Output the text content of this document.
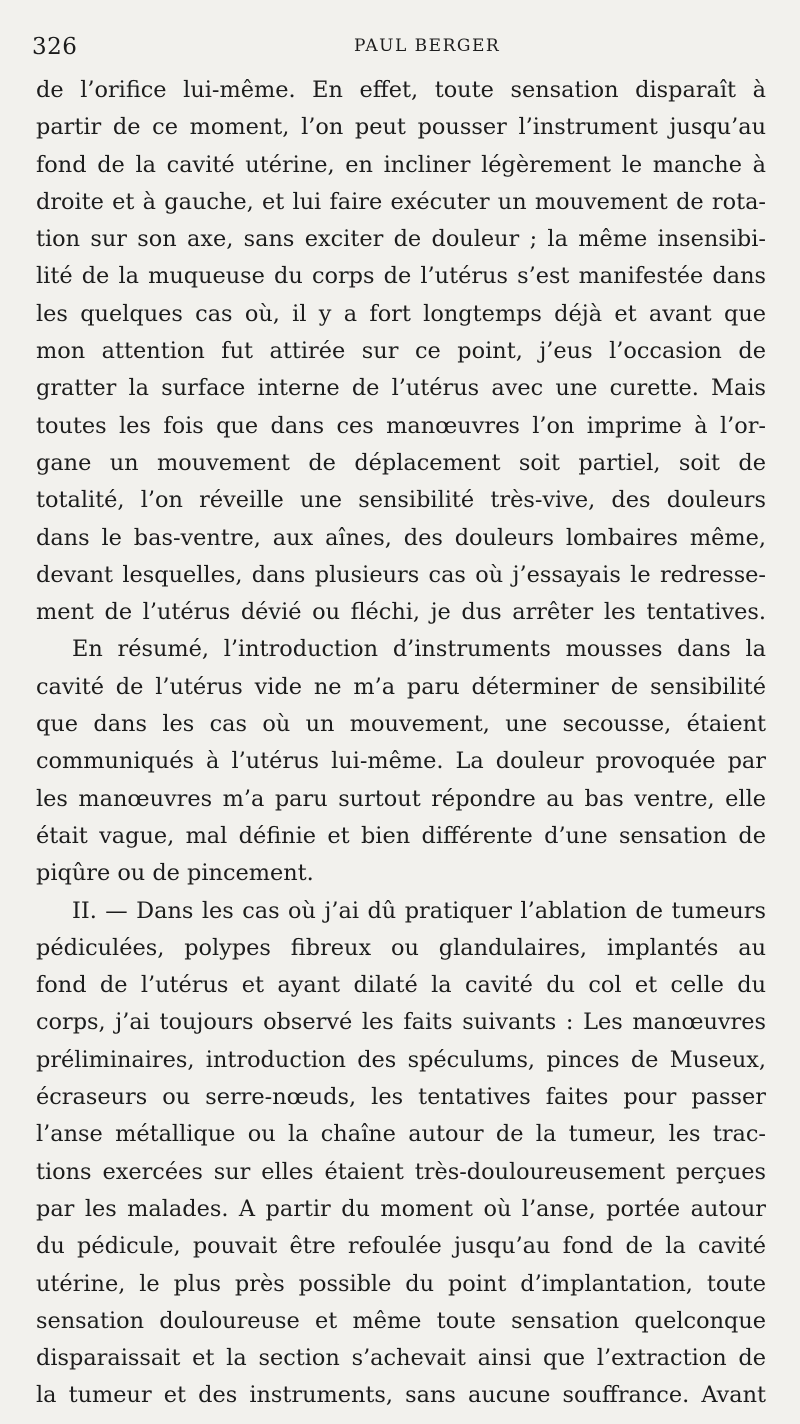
326	PAUL BERGER
de l’orifice lui-même. En effet, toute sensation disparaît à
partir de ce moment, l’on peut pousser l’instrument jusqu’au
fond de la cavité utérine, en incliner légèrement le manche à
droite et à gauche, et lui faire exécuter un mouvement de rota-
tion sur son axe, sans exciter de douleur ; la même insensibi-
lité de la muqueuse du corps de l’utérus s’est manifestée dans
les quelques cas où, il y a fort longtemps déjà et avant que
mon attention fut attirée sur ce point, j’eus l’occasion de
gratter la surface interne de l’utérus avec une curette. Mais
toutes les fois que dans ces manœuvres l’on imprime à l’or-
gane un mouvement de déplacement soit partiel, soit de
totalité, l’on réveille une sensibilité très-vive, des douleurs
dans le bas-ventre, aux aînes, des douleurs lombaires même,
devant lesquelles, dans plusieurs cas où j’essayais le redresse-
ment de l’utérus dévié ou fléchi, je dus arrêter les tentatives.
En résumé, l’introduction d’instruments mousses dans la
cavité de l’utérus vide ne m’a paru déterminer de sensibilité
que dans les cas où un mouvement, une secousse, étaient
communiqués à l’utérus lui-même. La douleur provoquée par
les manœuvres m’a paru surtout répondre au bas ventre, elle
était vague, mal définie et bien différente d’une sensation de
piqûre ou de pincement.
II. — Dans les cas où j’ai dû pratiquer l’ablation de tumeurs
pédiculées, polypes fibreux ou glandulaires, implantés au
fond de l’utérus et ayant dilaté la cavité du col et celle du
corps, j’ai toujours observé les faits suivants : Les manœuvres
préliminaires, introduction des spéculums, pinces de Museux,
écraseurs ou serre-nœuds, les tentatives faites pour passer
l’anse métallique ou la chaîne autour de la tumeur, les trac-
tions exercées sur elles étaient très-douloureusement perçues
par les malades. A partir du moment où l’anse, portée autour
du pédicule, pouvait être refoulée jusqu’au fond de la cavité
utérine, le plus près possible du point d’implantation, toute
sensation douloureuse et même toute sensation quelconque
disparaissait et la section s’achevait ainsi que l’extraction de
la tumeur et des instruments, sans aucune souffrance. Avant
